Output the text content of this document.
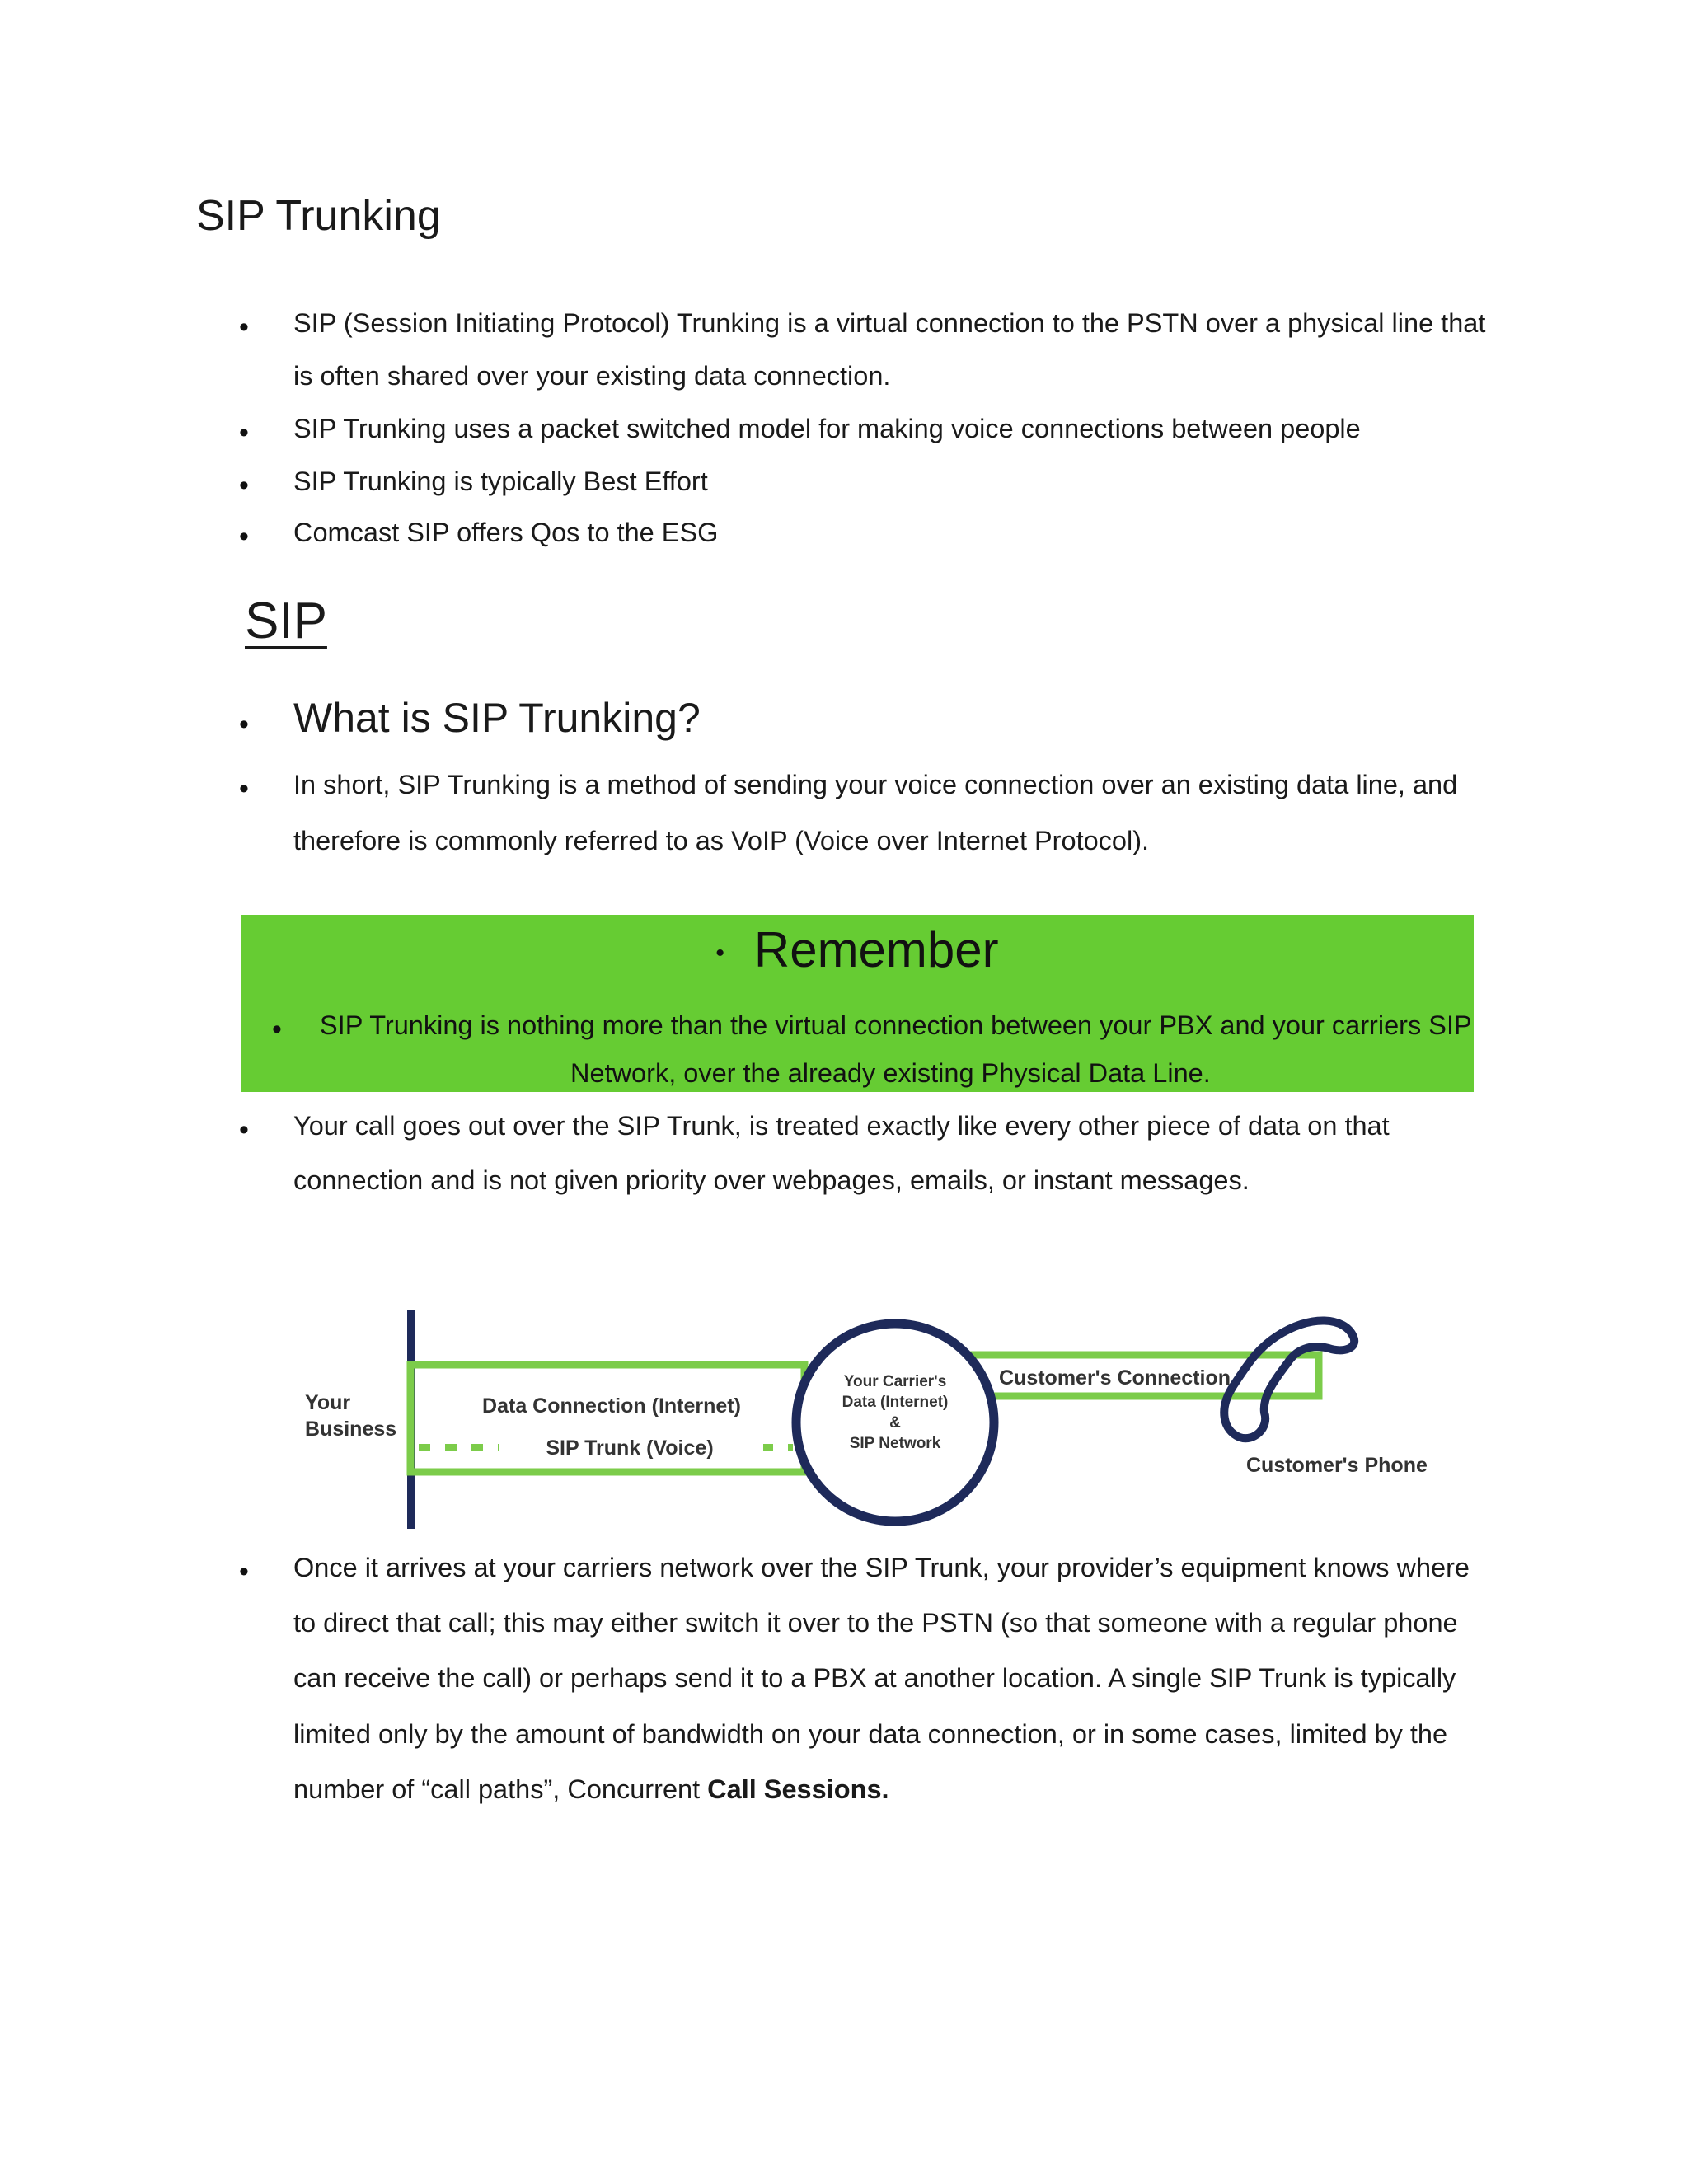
SIP Trunking
•	SIP (Session Initiating Protocol) Trunking is a virtual connection to the PSTN over a physical line that
is often shared over your existing data connection.
•	SIP Trunking uses a packet switched model for making voice connections between people
•	SIP Trunking is typically Best Effort
•	Comcast SIP offers Qos to the ESG
SIP
•	What is SIP Trunking?
•	In short, SIP Trunking is a method of sending your voice connection over an existing data line, and
therefore is commonly referred to as VoIP (Voice over Internet Protocol).
• Remember
•	SIP Trunking is nothing more than the virtual connection between your PBX and your carriers SIP
Network, over the already existing Physical Data Line.
•	Your call goes out over the SIP Trunk, is treated exactly like every other piece of data on that
connection and is not given priority over webpages, emails, or instant messages.
Your
Business
Data Connection (Internet)
SIP Trunk (Voice)
Your Carrier's
Data (Internet)
&
SIP Network
Customer's Connection
Customer's Phone
•	Once it arrives at your carriers network over the SIP Trunk, your provider’s equipment knows where
to direct that call; this may either switch it over to the PSTN (so that someone with a regular phone
can receive the call) or perhaps send it to a PBX at another location. A single SIP Trunk is typically
limited only by the amount of bandwidth on your data connection, or in some cases, limited by the
number of “call paths”, Concurrent Call Sessions.
